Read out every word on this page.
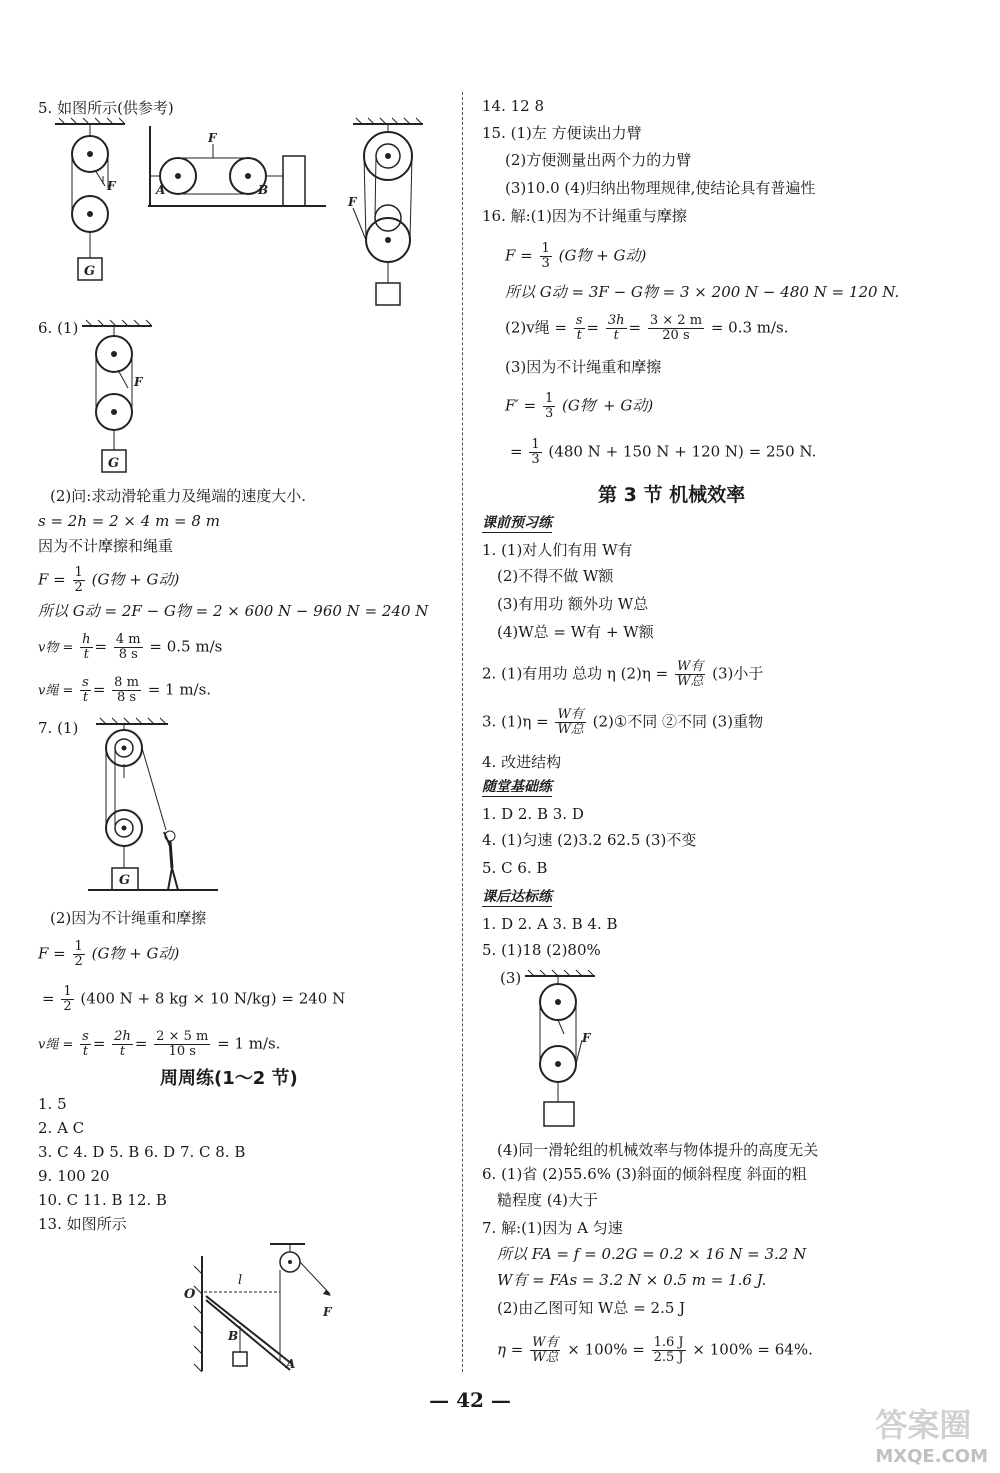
5. 如图所示(供参考)
G
F
F
A	B
F
6. (1)
F
G
(2)问:求动滑轮重力及绳端的速度大小.
s = 2h = 2 × 4 m = 8 m
因为不计摩擦和绳重
$F = \frac{1}{2} (G$物 + G动)
所以 G动 = 2F − G物 = 2 × 600 N − 960 N = 240 N
v物 = $\frac{h}{t} = \frac{4 m}{8 s} = 0.5$ m/s
v绳 = $\frac{s}{t} = \frac{8 m}{8 s} = 1$ m/s.
7. (1)
G
(2)因为不计绳重和摩擦
$F = \frac{1}{2} (G$物 + G动)
= $\frac{1}{2} (400$ N + 8 kg × 10 N/kg) = 240 N
v绳 = $\frac{s}{t} = \frac{2h}{t} = \frac{2 \times 5 m}{10 s} = 1$ m/s.
周周练(1～2 节)
1. 5
2. A C
3. C 4. D 5. B 6. D 7. C 8. B
9. 100 20
10. C 11. B 12. B
13. 如图所示
O
l
B
A
F
14. 12 8
15. (1)左 方便读出力臂
(2)方便测量出两个力的力臂
(3)10.0 (4)归纳出物理规律,使结论具有普遍性
16. 解:(1)因为不计绳重与摩擦
$F = \frac{1}{3} (G$物 + G动)
所以 G动 = 3F − G物 = 3 × 200 N − 480 N = 120 N.
(2)v绳 = $\frac{s}{t} = \frac{3h}{t} = \frac{3 \times 2 m}{20 s} = 0.3$ m/s.
(3)因为不计绳重和摩擦
$F' = \frac{1}{3} (G$物′ + G动)
= $\frac{1}{3} (480$ N + 150 N + 120 N) = 250 N.
第 3 节 机械效率
课前预习练
1. (1)对人们有用 W有
(2)不得不做 W额
(3)有用功 额外功 W总
(4)W总 = W有 + W额
2. (1)有用功 总功 η (2)η = W有
W总 (3)小于
3. (1)η = W有
W总 (2)①不同 ②不同 (3)重物
4. 改进结构
随堂基础练
1. D 2. B 3. D
4. (1)匀速 (2)3.2 62.5 (3)不变
5. C 6. B
课后达标练
1. D 2. A 3. B 4. B
5. (1)18 (2)80%
(3)
F
(4)同一滑轮组的机械效率与物体提升的高度无关
6. (1)省 (2)55.6% (3)斜面的倾斜程度 斜面的粗
糙程度 (4)大于
7. 解:(1)因为 A 匀速
所以 FA = f = 0.2G = 0.2 × 16 N = 3.2 N
W有 = FAs = 3.2 N × 0.5 m = 1.6 J.
(2)由乙图可知 W总 = 2.5 J
η = W有
W总 × $100\% = \frac{1.6 J}{2.5 J} \times 100\% = 64\%$.
— 42 —
答案圈
MXQE.COM
